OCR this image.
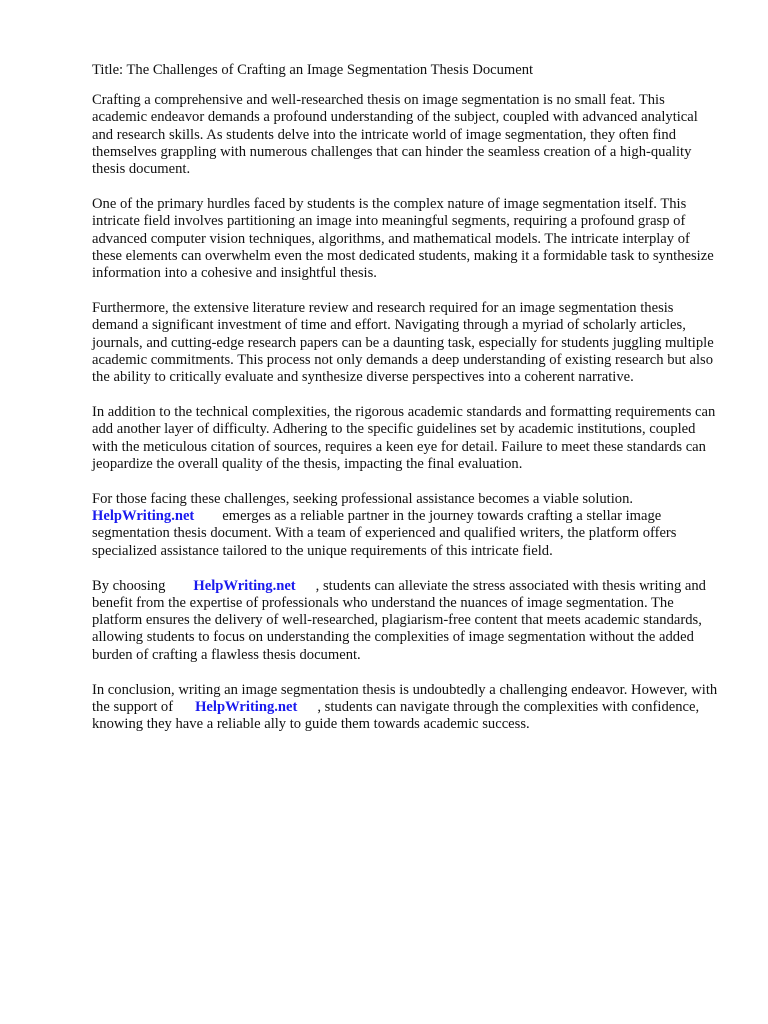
Title: The Challenges of Crafting an Image Segmentation Thesis Document

Crafting a comprehensive and well-researched thesis on image segmentation is no small feat. This academic endeavor demands a profound understanding of the subject, coupled with advanced analytical and research skills. As students delve into the intricate world of image segmentation, they often find themselves grappling with numerous challenges that can hinder the seamless creation of a high-quality thesis document.

One of the primary hurdles faced by students is the complex nature of image segmentation itself. This intricate field involves partitioning an image into meaningful segments, requiring a profound grasp of advanced computer vision techniques, algorithms, and mathematical models. The intricate interplay of these elements can overwhelm even the most dedicated students, making it a formidable task to synthesize information into a cohesive and insightful thesis.

Furthermore, the extensive literature review and research required for an image segmentation thesis demand a significant investment of time and effort. Navigating through a myriad of scholarly articles, journals, and cutting-edge research papers can be a daunting task, especially for students juggling multiple academic commitments. This process not only demands a deep understanding of existing research but also the ability to critically evaluate and synthesize diverse perspectives into a coherent narrative.

In addition to the technical complexities, the rigorous academic standards and formatting requirements can add another layer of difficulty. Adhering to the specific guidelines set by academic institutions, coupled with the meticulous citation of sources, requires a keen eye for detail. Failure to meet these standards can jeopardize the overall quality of the thesis, impacting the final evaluation.

For those facing these challenges, seeking professional assistance becomes a viable solution.
HelpWriting.net emerges as a reliable partner in the journey towards crafting a stellar image segmentation thesis document. With a team of experienced and qualified writers, the platform offers specialized assistance tailored to the unique requirements of this intricate field.

By choosing HelpWriting.net , students can alleviate the stress associated with thesis writing and benefit from the expertise of professionals who understand the nuances of image segmentation. The platform ensures the delivery of well-researched, plagiarism-free content that meets academic standards, allowing students to focus on understanding the complexities of image segmentation without the added burden of crafting a flawless thesis document.

In conclusion, writing an image segmentation thesis is undoubtedly a challenging endeavor. However, with the support of HelpWriting.net , students can navigate through the complexities with confidence, knowing they have a reliable ally to guide them towards academic success.
